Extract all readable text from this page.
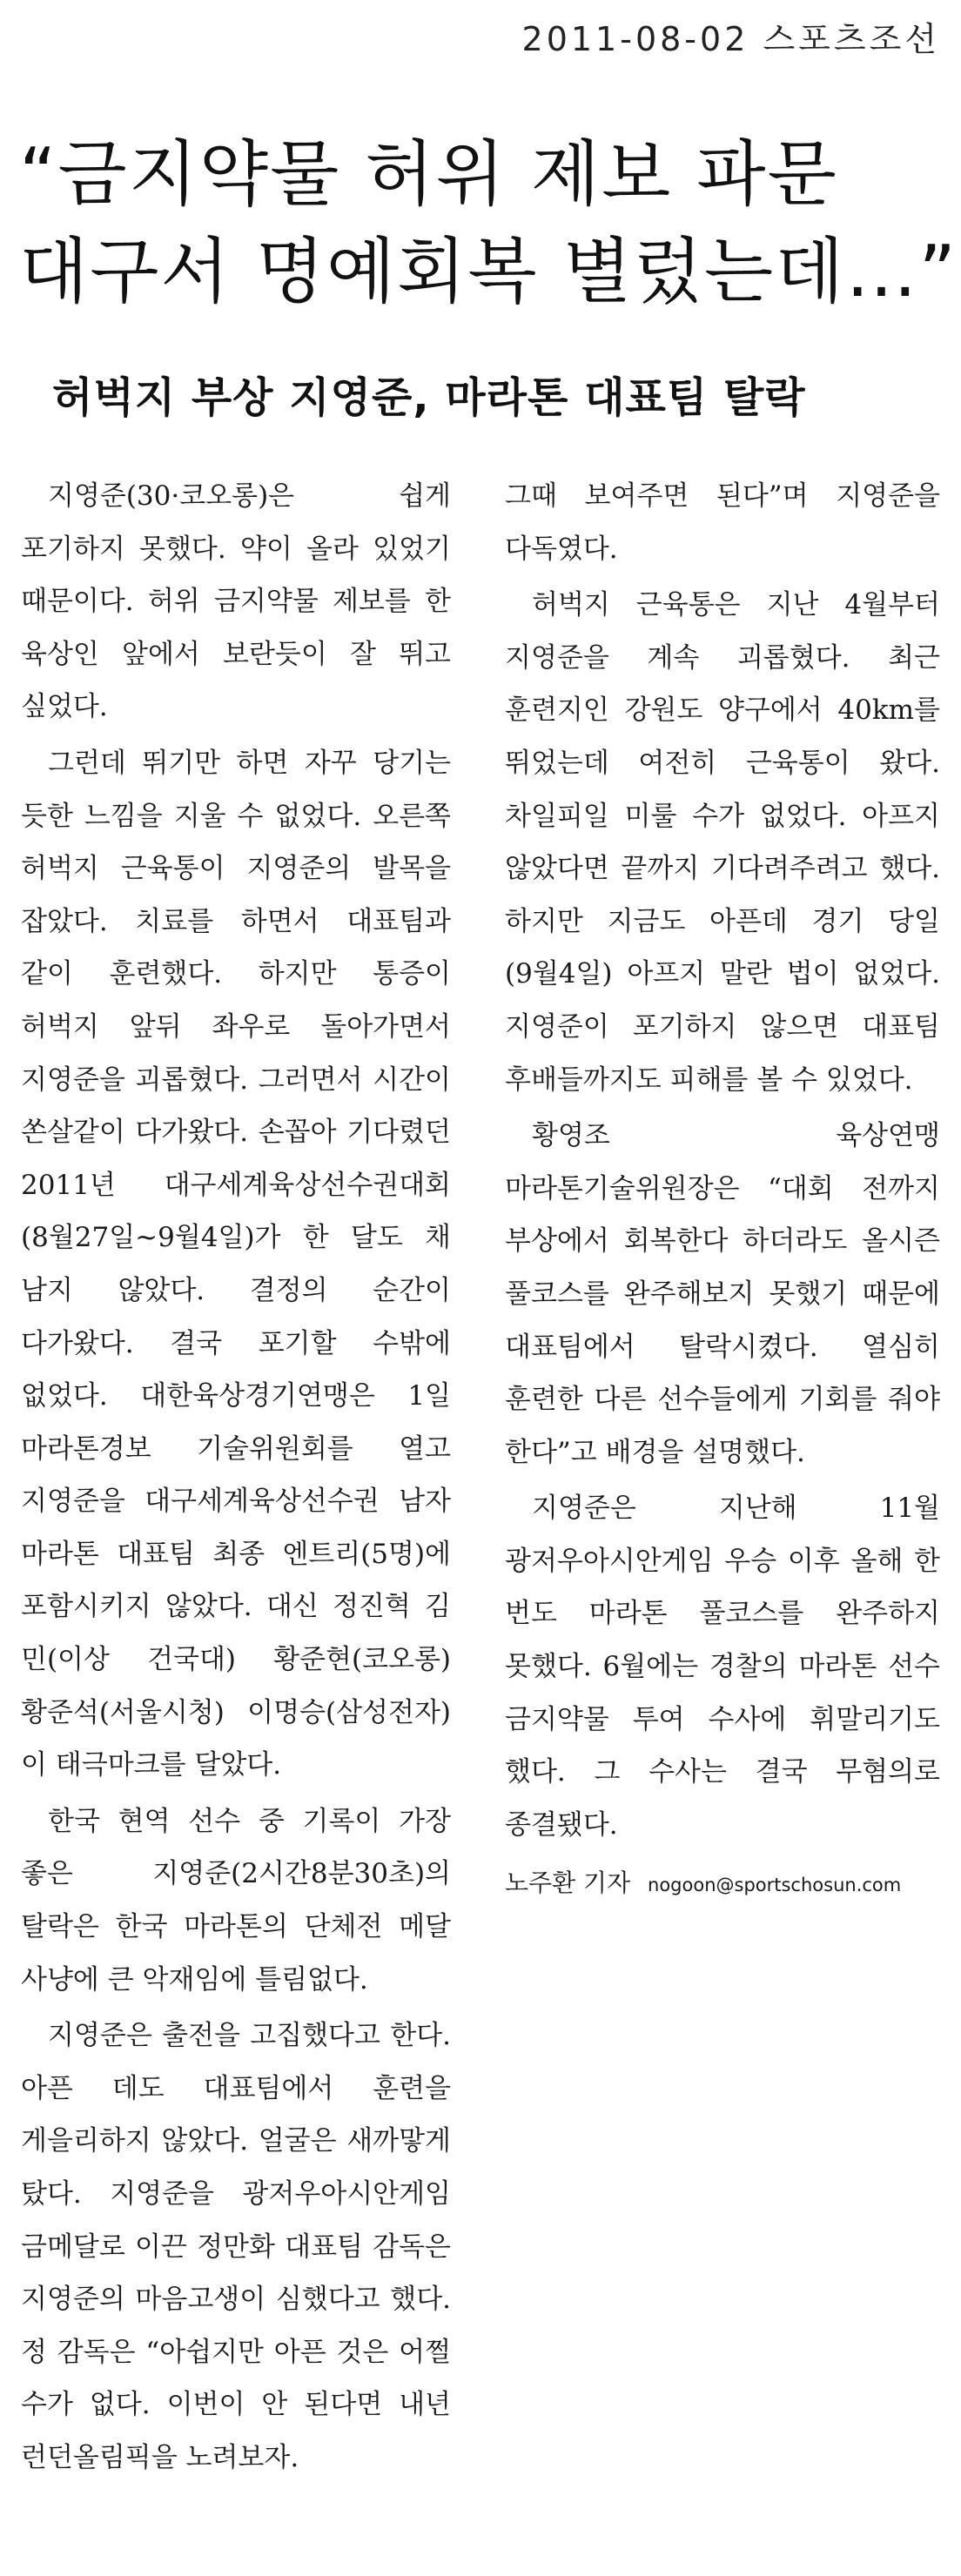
2011-08-02 스포츠조선
“금지약물 허위 제보 파문
대구서 명예회복 별렀는데…”
허벅지 부상 지영준, 마라톤 대표팀 탈락

지영준(30·코오롱)은 쉽게 포기하지 못했다. 약이 올라 있었기 때문이다. 허위 금지약물 제보를 한 육상인 앞에서 보란듯이 잘 뛰고 싶었다.

그런데 뛰기만 하면 자꾸 당기는 듯한 느낌을 지울 수 없었다. 오른쪽 허벅지 근육통이 지영준의 발목을 잡았다. 치료를 하면서 대표팀과 같이 훈련했다. 하지만 통증이 허벅지 앞뒤 좌우로 돌아가면서 지영준을 괴롭혔다. 그러면서 시간이 쏜살같이 다가왔다. 손꼽아 기다렸던 2011년 대구세계육상선수권대회(8월27일~9월4일)가 한 달도 채 남지 않았다. 결정의 순간이 다가왔다. 결국 포기할 수밖에 없었다. 대한육상경기연맹은 1일 마라톤경보 기술위원회를 열고 지영준을 대구세계육상선수권 남자 마라톤 대표팀 최종 엔트리(5명)에 포함시키지 않았다. 대신 정진혁 김 민(이상 건국대) 황준현(코오롱) 황준석(서울시청) 이명승(삼성전자)이 태극마크를 달았다.

한국 현역 선수 중 기록이 가장 좋은 지영준(2시간8분30초)의 탈락은 한국 마라톤의 단체전 메달 사냥에 큰 악재임에 틀림없다.

지영준은 출전을 고집했다고 한다. 아픈 데도 대표팀에서 훈련을 게을리하지 않았다. 얼굴은 새까맣게 탔다. 지영준을 광저우아시안게임 금메달로 이끈 정만화 대표팀 감독은 지영준의 마음고생이 심했다고 했다. 정 감독은 “아쉽지만 아픈 것은 어쩔 수가 없다. 이번이 안 된다면 내년 런던올림픽을 노려보자.

그때 보여주면 된다”며 지영준을 다독였다.

허벅지 근육통은 지난 4월부터 지영준을 계속 괴롭혔다. 최근 훈련지인 강원도 양구에서 40km를 뛰었는데 여전히 근육통이 왔다. 차일피일 미룰 수가 없었다. 아프지 않았다면 끝까지 기다려주려고 했다. 하지만 지금도 아픈데 경기 당일(9월4일) 아프지 말란 법이 없었다. 지영준이 포기하지 않으면 대표팀 후배들까지도 피해를 볼 수 있었다.

황영조 육상연맹 마라톤기술위원장은 “대회 전까지 부상에서 회복한다 하더라도 올시즌 풀코스를 완주해보지 못했기 때문에 대표팀에서 탈락시켰다. 열심히 훈련한 다른 선수들에게 기회를 줘야 한다”고 배경을 설명했다.

지영준은 지난해 11월 광저우아시안게임 우승 이후 올해 한 번도 마라톤 풀코스를 완주하지 못했다. 6월에는 경찰의 마라톤 선수 금지약물 투여 수사에 휘말리기도 했다. 그 수사는 결국 무혐의로 종결됐다.

노주환 기자 nogoon@sportschosun.com
